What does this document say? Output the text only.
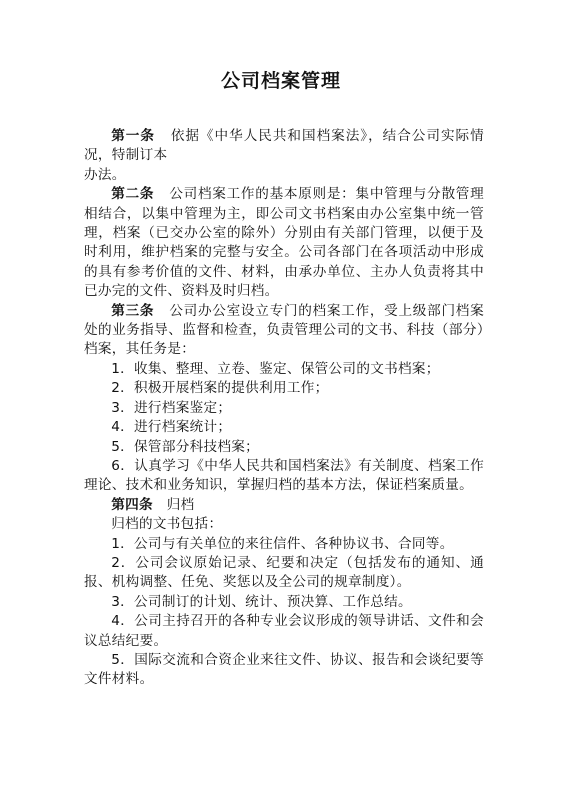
公司档案管理

第一条 依据《中华人民共和国档案法》，结合公司实际情况，特制订本

办法。

第二条 公司档案工作的基本原则是：集中管理与分散管理相结合，以集中管理为主，即公司文书档案由办公室集中统一管理，档案（已交办公室的除外）分别由有关部门管理，以便于及时利用，维护档案的完整与安全。公司各部门在各项活动中形成的具有参考价值的文件、材料，由承办单位、主办人负责将其中已办完的文件、资料及时归档。

第三条 公司办公室设立专门的档案工作，受上级部门档案处的业务指导、监督和检查，负责管理公司的文书、科技（部分）档案，其任务是：

1．收集、整理、立卷、鉴定、保管公司的文书档案；

2．积极开展档案的提供利用工作；

3．进行档案鉴定；

4．进行档案统计；

5．保管部分科技档案；

6．认真学习《中华人民共和国档案法》有关制度、档案工作理论、技术和业务知识，掌握归档的基本方法，保证档案质量。

第四条 归档

归档的文书包括：

1．公司与有关单位的来往信件、各种协议书、合同等。

2．公司会议原始记录、纪要和决定（包括发布的通知、通报、机构调整、任免、奖惩以及全公司的规章制度）。

3．公司制订的计划、统计、预决算、工作总结。

4．公司主持召开的各种专业会议形成的领导讲话、文件和会议总结纪要。

5．国际交流和合资企业来往文件、协议、报告和会谈纪要等文件材料。
